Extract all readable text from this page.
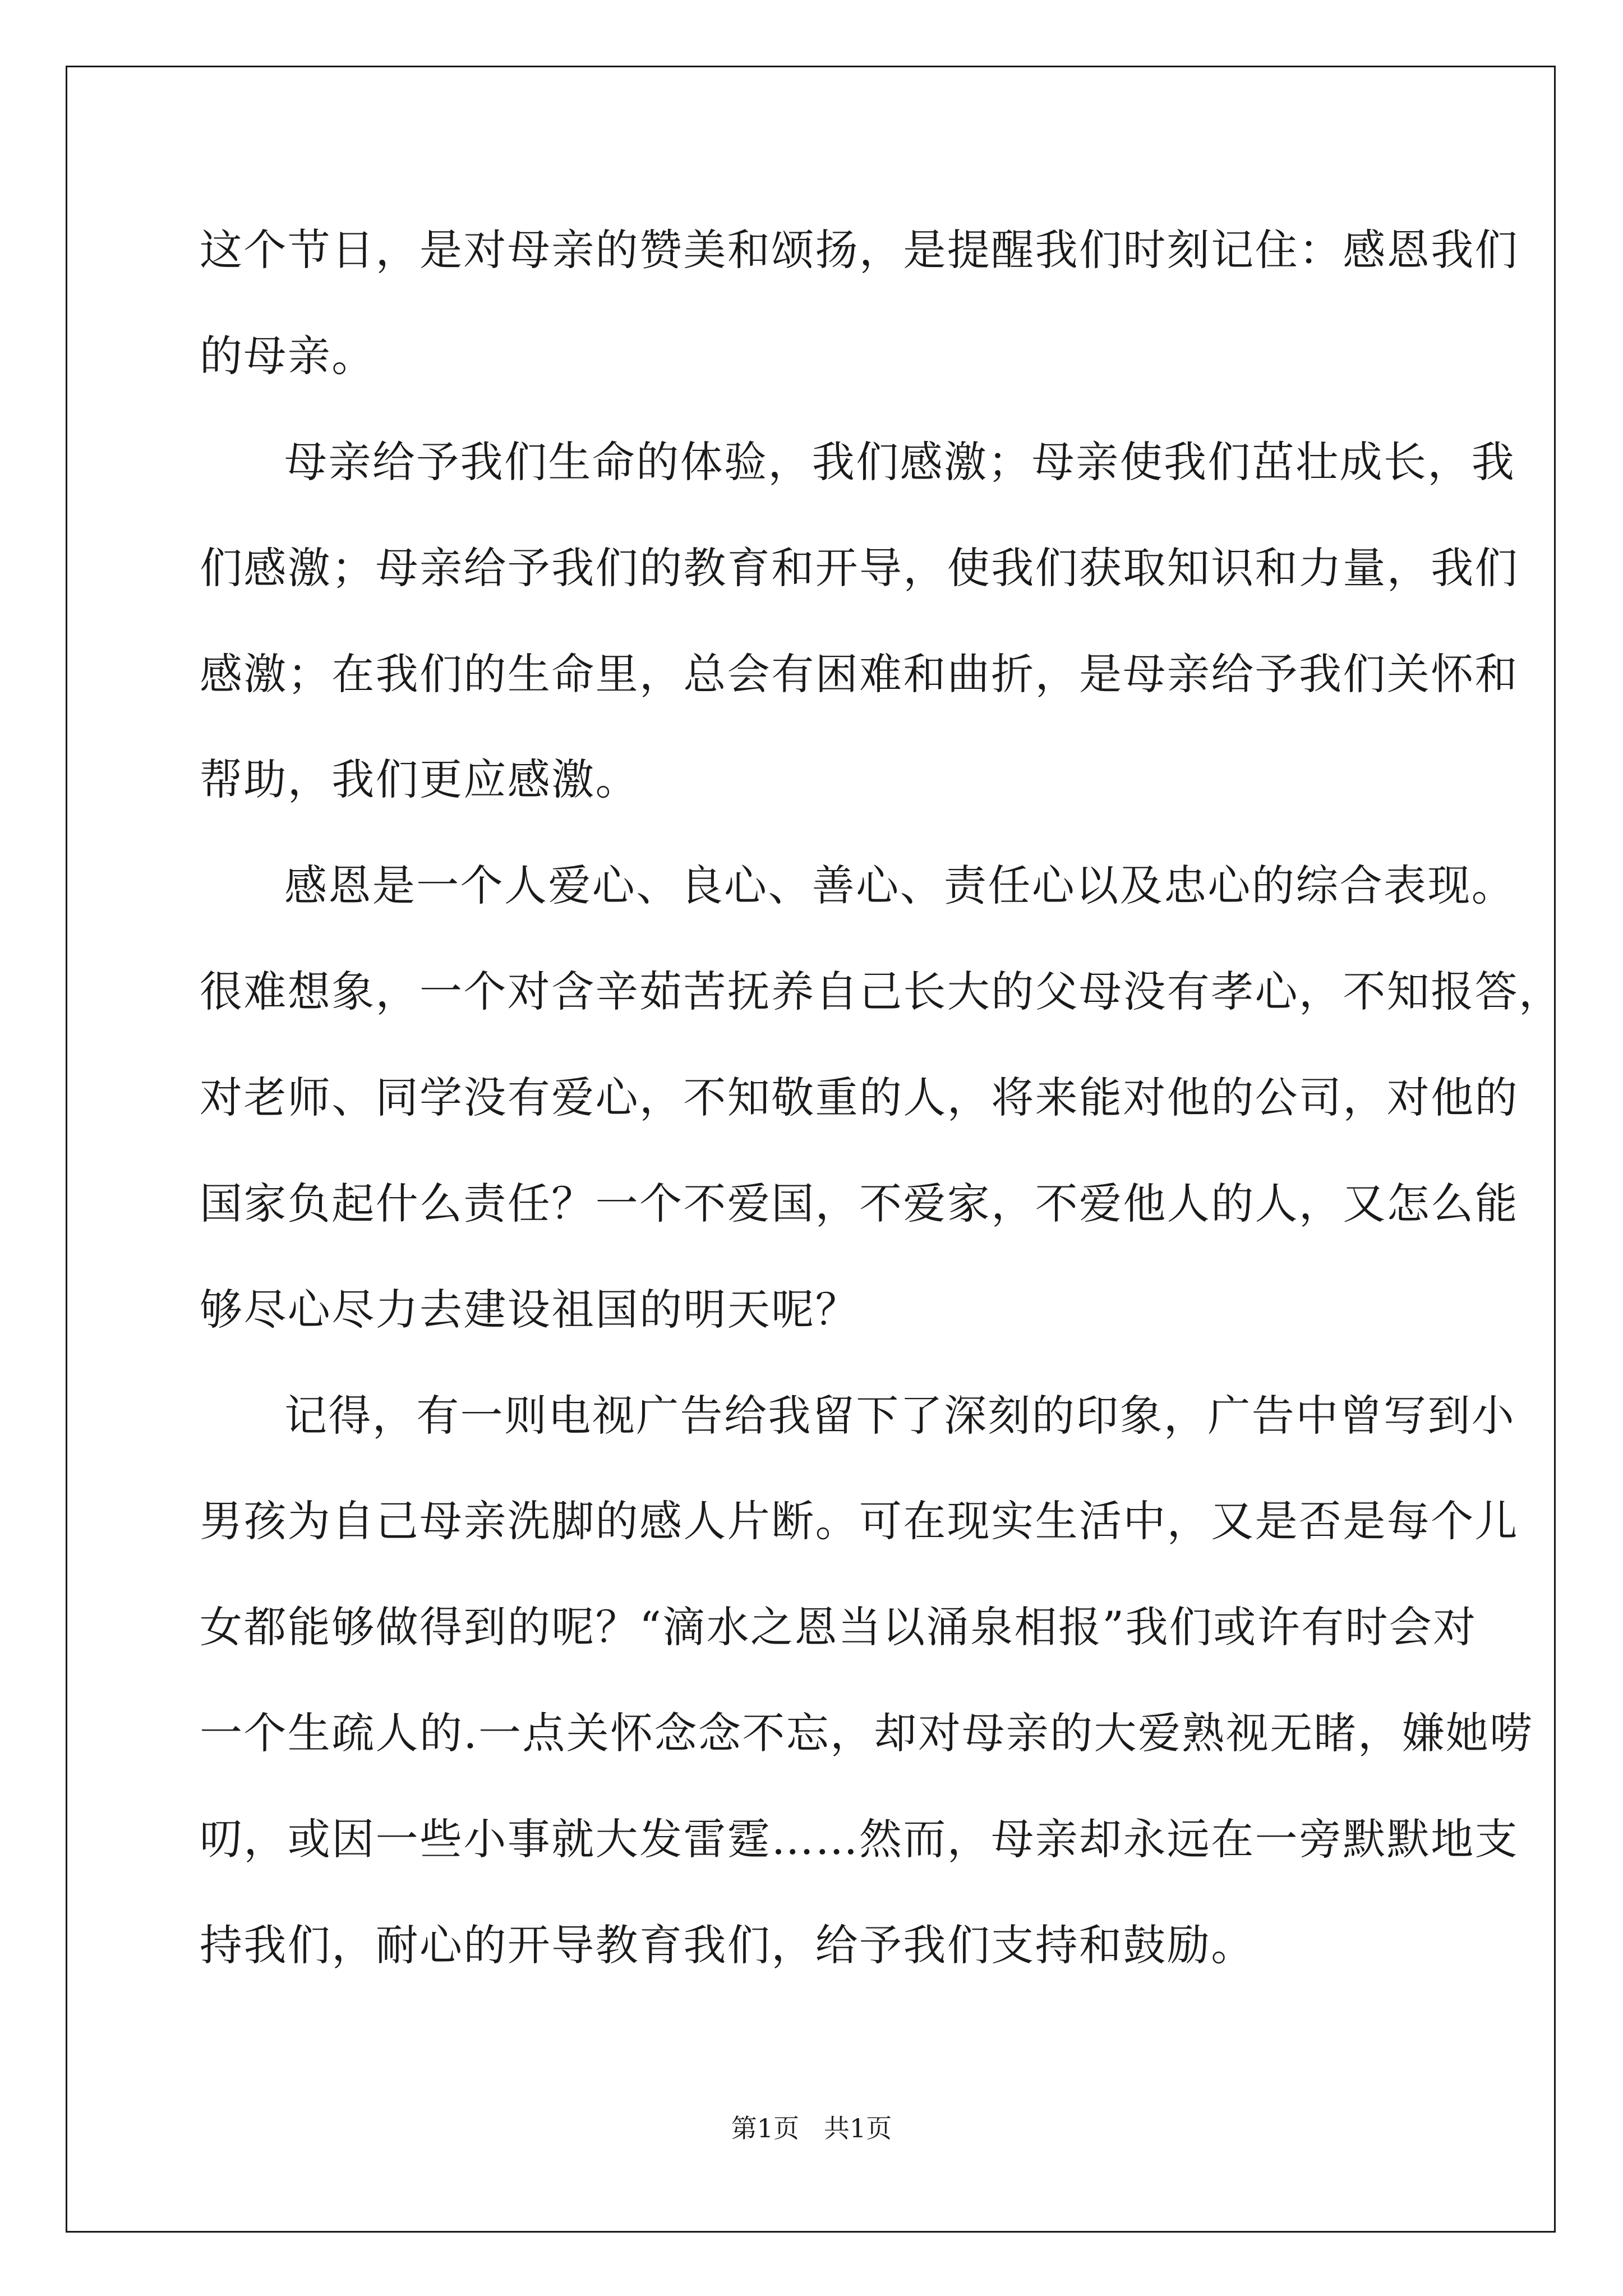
这个节日，是对母亲的赞美和颂扬，是提醒我们时刻记住：感恩我们
的母亲。
母亲给予我们生命的体验，我们感激；母亲使我们茁壮成长，我
们感激；母亲给予我们的教育和开导，使我们获取知识和力量，我们
感激；在我们的生命里，总会有困难和曲折，是母亲给予我们关怀和
帮助，我们更应感激。
感恩是一个人爱心、良心、善心、责任心以及忠心的综合表现。
很难想象，一个对含辛茹苦抚养自己长大的父母没有孝心，不知报答，
对老师、同学没有爱心，不知敬重的人，将来能对他的公司，对他的
国家负起什么责任？一个不爱国，不爱家，不爱他人的人，又怎么能
够尽心尽力去建设祖国的明天呢？
记得，有一则电视广告给我留下了深刻的印象，广告中曾写到小
男孩为自己母亲洗脚的感人片断。可在现实生活中，又是否是每个儿
女都能够做得到的呢？“滴水之恩当以涌泉相报”我们或许有时会对
一个生疏人的.一点关怀念念不忘，却对母亲的大爱熟视无睹，嫌她唠
叨，或因一些小事就大发雷霆……然而，母亲却永远在一旁默默地支
持我们，耐心的开导教育我们，给予我们支持和鼓励。
第1页   共1页
